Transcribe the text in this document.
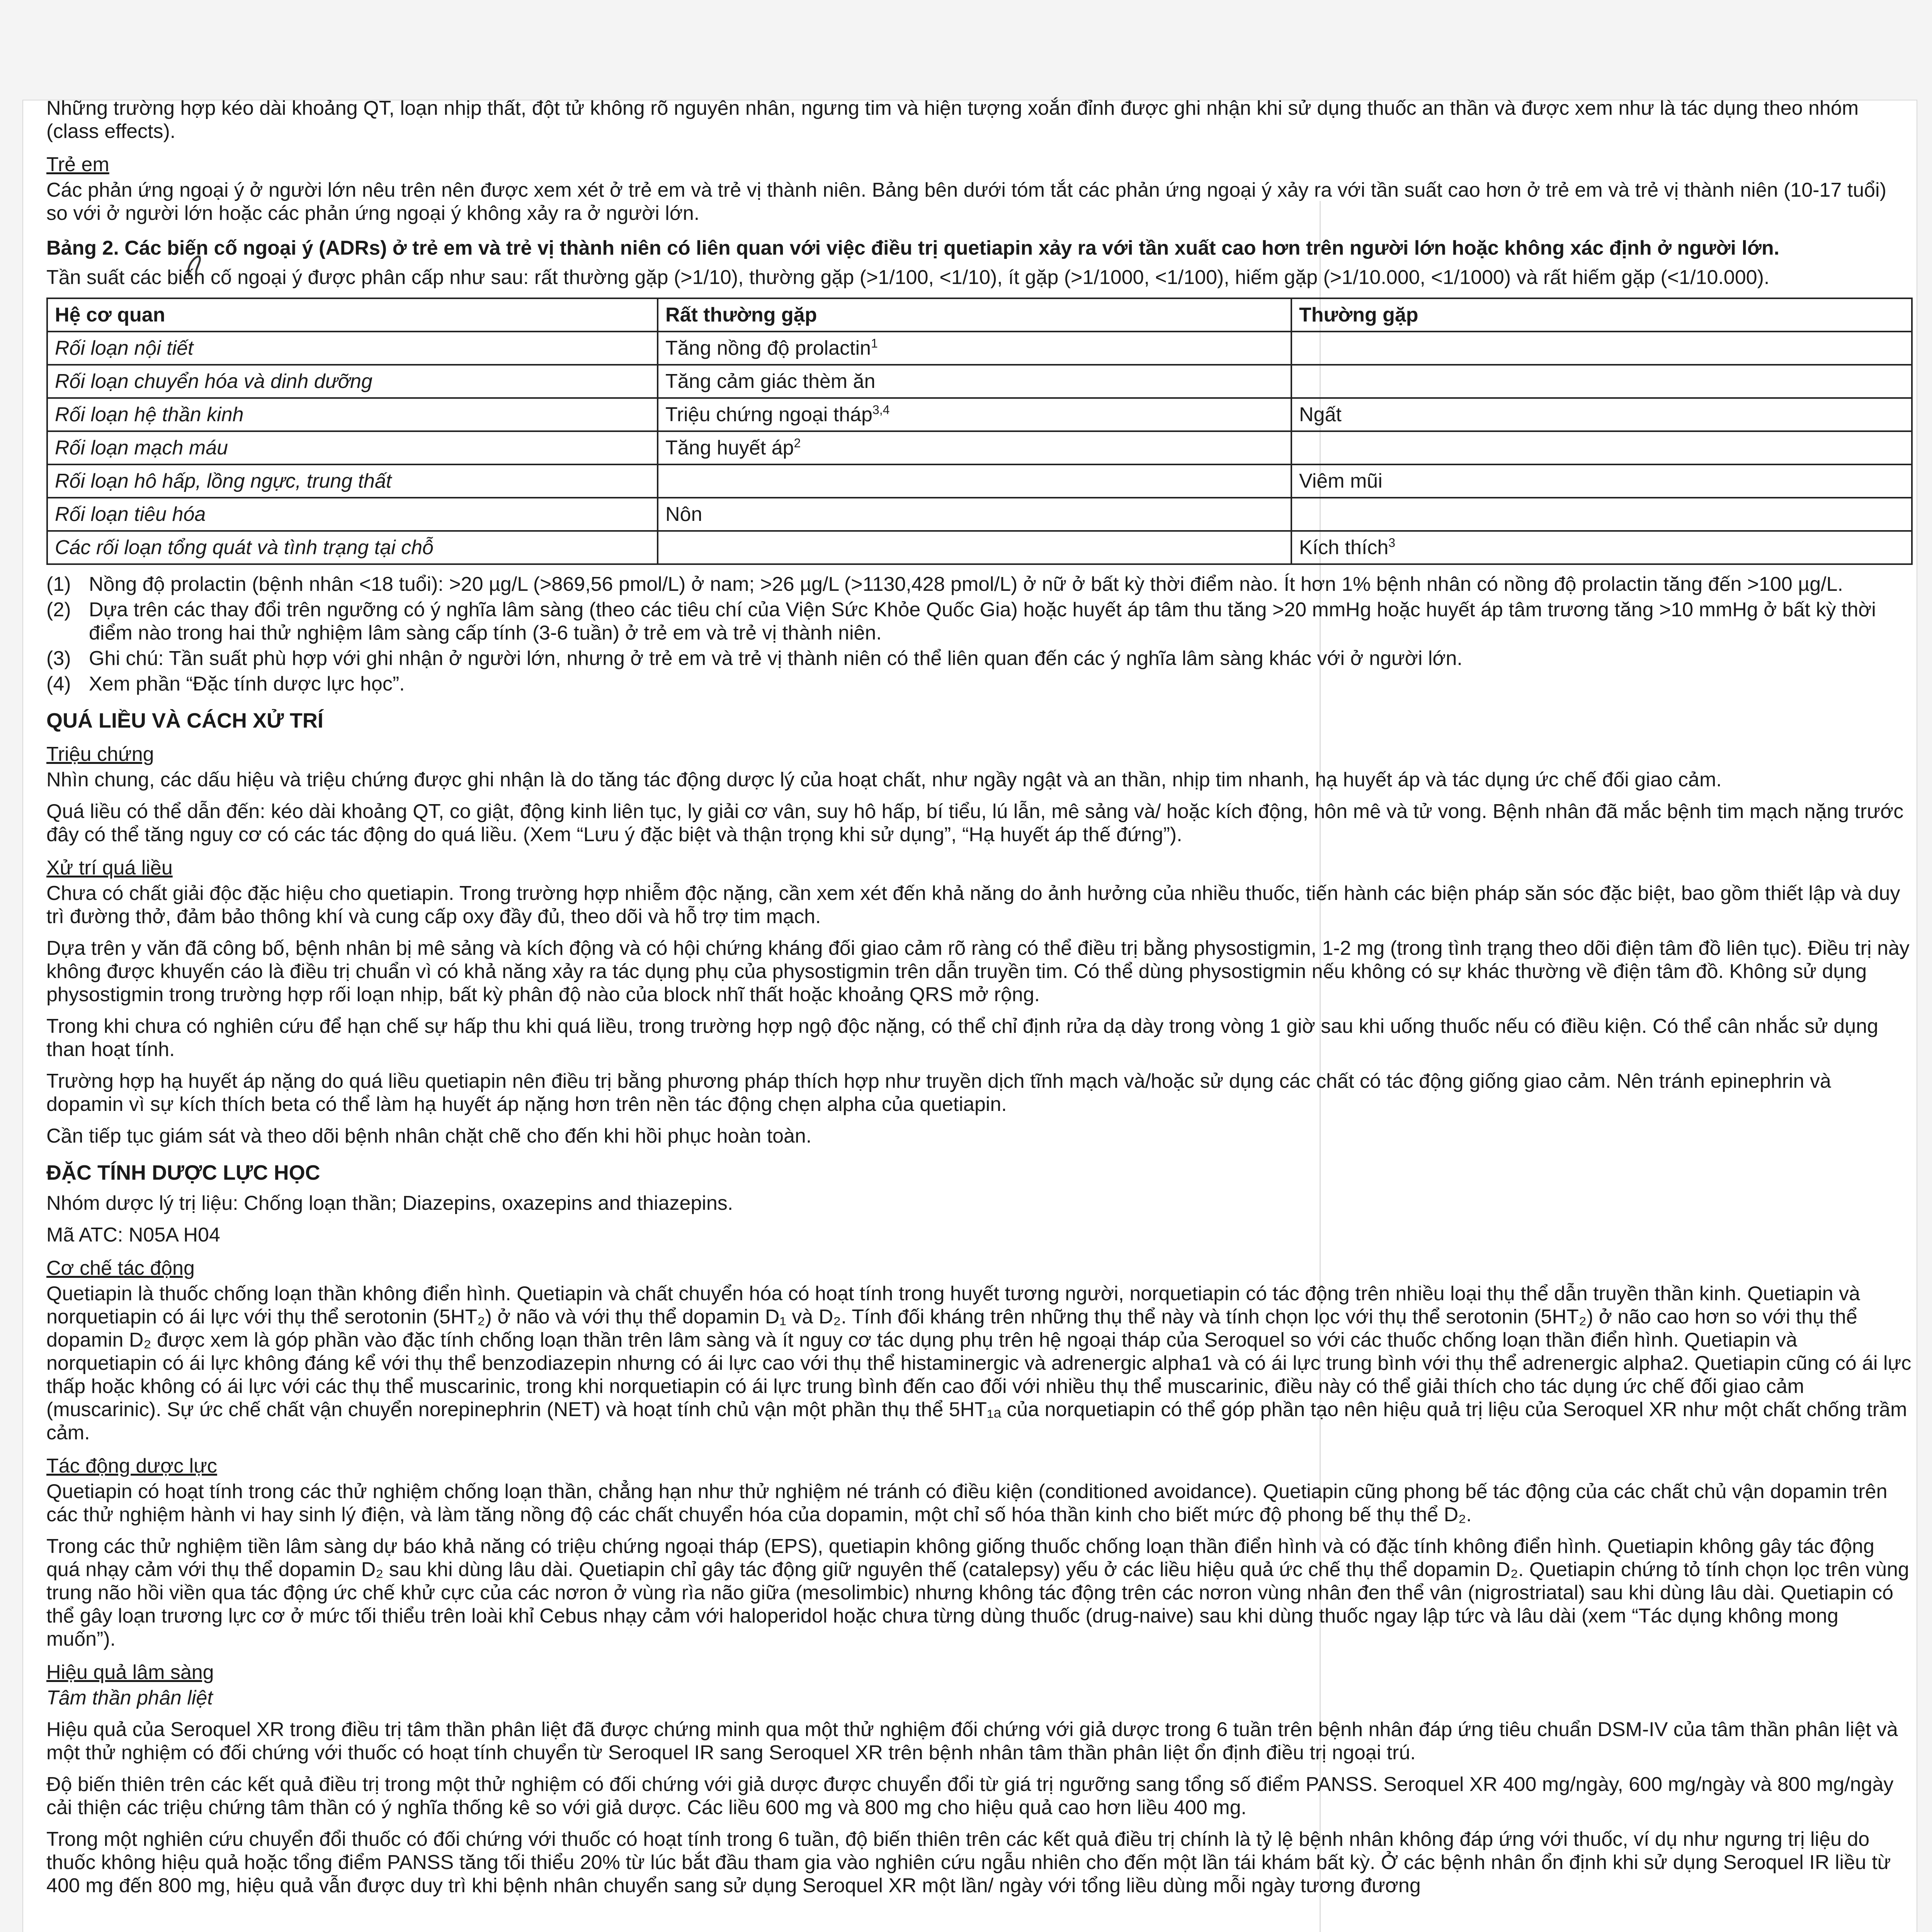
Những trường hợp kéo dài khoảng QT, loạn nhịp thất, đột tử không rõ nguyên nhân, ngưng tim và hiện tượng xoắn đỉnh được ghi nhận khi sử dụng thuốc an thần và được xem như là tác dụng theo nhóm (class effects).

Trẻ em

Các phản ứng ngoại ý ở người lớn nêu trên nên được xem xét ở trẻ em và trẻ vị thành niên. Bảng bên dưới tóm tắt các phản ứng ngoại ý xảy ra với tần suất cao hơn ở trẻ em và trẻ vị thành niên (10-17 tuổi) so với ở người lớn hoặc các phản ứng ngoại ý không xảy ra ở người lớn.

Bảng 2. Các biến cố ngoại ý (ADRs) ở trẻ em và trẻ vị thành niên có liên quan với việc điều trị quetiapin xảy ra với tần xuất cao hơn trên người lớn hoặc không xác định ở người lớn.

Tần suất các biến cố ngoại ý được phân cấp như sau: rất thường gặp (>1/10), thường gặp (>1/100, <1/10), ít gặp (>1/1000, <1/100), hiếm gặp (>1/10.000, <1/1000) và rất hiếm gặp (<1/10.000).

Hệ cơ quan	Rất thường gặp	Thường gặp
Rối loạn nội tiết	Tăng nồng độ prolactin$^1$	
Rối loạn chuyển hóa và dinh dưỡng	Tăng cảm giác thèm ăn	
Rối loạn hệ thần kinh	Triệu chứng ngoại tháp$^{3,4}$	Ngất
Rối loạn mạch máu	Tăng huyết $áp^2$	
Rối loạn hô hấp, lồng ngực, trung thất		Viêm mũi
Rối loạn tiêu hóa	Nôn	
Các rối loạn tổng quát và tình trạng tại chỗ		Kích thích$^3$
(1) Nồng độ prolactin (bệnh nhân <18 tuổi): >20 µg/L (>869,56 pmol/L) ở nam; >26 µg/L (>1130,428 pmol/L) ở nữ ở bất kỳ thời điểm nào. Ít hơn 1% bệnh nhân có nồng độ prolactin tăng đến >100 µg/L.
(2) Dựa trên các thay đổi trên ngưỡng có ý nghĩa lâm sàng (theo các tiêu chí của Viện Sức Khỏe Quốc Gia) hoặc huyết áp tâm thu tăng >20 mmHg hoặc huyết áp tâm trương tăng >10 mmHg ở bất kỳ thời điểm nào trong hai thử nghiệm lâm sàng cấp tính (3-6 tuần) ở trẻ em và trẻ vị thành niên.
(3) Ghi chú: Tần suất phù hợp với ghi nhận ở người lớn, nhưng ở trẻ em và trẻ vị thành niên có thể liên quan đến các ý nghĩa lâm sàng khác với ở người lớn.
(4) Xem phần “Đặc tính dược lực học”.
QUÁ LIỀU VÀ CÁCH XỬ TRÍ

Triệu chứng

Nhìn chung, các dấu hiệu và triệu chứng được ghi nhận là do tăng tác động dược lý của hoạt chất, như ngầy ngật và an thần, nhịp tim nhanh, hạ huyết áp và tác dụng ức chế đối giao cảm.

Quá liều có thể dẫn đến: kéo dài khoảng QT, co giật, động kinh liên tục, ly giải cơ vân, suy hô hấp, bí tiểu, lú lẫn, mê sảng và/ hoặc kích động, hôn mê và tử vong. Bệnh nhân đã mắc bệnh tim mạch nặng trước đây có thể tăng nguy cơ có các tác động do quá liều. (Xem “Lưu ý đặc biệt và thận trọng khi sử dụng”, “Hạ huyết áp thế đứng”).

Xử trí quá liều

Chưa có chất giải độc đặc hiệu cho quetiapin. Trong trường hợp nhiễm độc nặng, cần xem xét đến khả năng do ảnh hưởng của nhiều thuốc, tiến hành các biện pháp săn sóc đặc biệt, bao gồm thiết lập và duy trì đường thở, đảm bảo thông khí và cung cấp oxy đầy đủ, theo dõi và hỗ trợ tim mạch.

Dựa trên y văn đã công bố, bệnh nhân bị mê sảng và kích động và có hội chứng kháng đối giao cảm rõ ràng có thể điều trị bằng physostigmin, 1-2 mg (trong tình trạng theo dõi điện tâm đồ liên tục). Điều trị này không được khuyến cáo là điều trị chuẩn vì có khả năng xảy ra tác dụng phụ của physostigmin trên dẫn truyền tim. Có thể dùng physostigmin nếu không có sự khác thường về điện tâm đồ. Không sử dụng physostigmin trong trường hợp rối loạn nhịp, bất kỳ phân độ nào của block nhĩ thất hoặc khoảng QRS mở rộng.

Trong khi chưa có nghiên cứu để hạn chế sự hấp thu khi quá liều, trong trường hợp ngộ độc nặng, có thể chỉ định rửa dạ dày trong vòng 1 giờ sau khi uống thuốc nếu có điều kiện. Có thể cân nhắc sử dụng than hoạt tính.

Trường hợp hạ huyết áp nặng do quá liều quetiapin nên điều trị bằng phương pháp thích hợp như truyền dịch tĩnh mạch và/hoặc sử dụng các chất có tác động giống giao cảm. Nên tránh epinephrin và dopamin vì sự kích thích beta có thể làm hạ huyết áp nặng hơn trên nền tác động chẹn alpha của quetiapin.

Cần tiếp tục giám sát và theo dõi bệnh nhân chặt chẽ cho đến khi hồi phục hoàn toàn.

ĐẶC TÍNH DƯỢC LỰC HỌC

Nhóm dược lý trị liệu: Chống loạn thần; Diazepins, oxazepins and thiazepins.

Mã ATC: N05A H04

Cơ chế tác động

Quetiapin là thuốc chống loạn thần không điển hình. Quetiapin và chất chuyển hóa có hoạt tính trong huyết tương người, norquetiapin có tác động trên nhiều loại thụ thể dẫn truyền thần kinh. Quetiapin và norquetiapin có ái lực với thụ thể serotonin (5HT₂) ở não và với thụ thể dopamin D₁ và D₂. Tính đối kháng trên những thụ thể này và tính chọn lọc với thụ thể serotonin (5HT₂) ở não cao hơn so với thụ thể dopamin D₂ được xem là góp phần vào đặc tính chống loạn thần trên lâm sàng và ít nguy cơ tác dụng phụ trên hệ ngoại tháp của Seroquel so với các thuốc chống loạn thần điển hình. Quetiapin và norquetiapin có ái lực không đáng kể với thụ thể benzodiazepin nhưng có ái lực cao với thụ thể histaminergic và adrenergic alpha1 và có ái lực trung bình với thụ thể adrenergic alpha2. Quetiapin cũng có ái lực thấp hoặc không có ái lực với các thụ thể muscarinic, trong khi norquetiapin có ái lực trung bình đến cao đối với nhiều thụ thể muscarinic, điều này có thể giải thích cho tác dụng ức chế đối giao cảm (muscarinic). Sự ức chế chất vận chuyển norepinephrin (NET) và hoạt tính chủ vận một phần thụ thể 5HT₁ₐ của norquetiapin có thể góp phần tạo nên hiệu quả trị liệu của Seroquel XR như một chất chống trầm cảm.

Tác động dược lực

Quetiapin có hoạt tính trong các thử nghiệm chống loạn thần, chẳng hạn như thử nghiệm né tránh có điều kiện (conditioned avoidance). Quetiapin cũng phong bế tác động của các chất chủ vận dopamin trên các thử nghiệm hành vi hay sinh lý điện, và làm tăng nồng độ các chất chuyển hóa của dopamin, một chỉ số hóa thần kinh cho biết mức độ phong bế thụ thể D₂.

Trong các thử nghiệm tiền lâm sàng dự báo khả năng có triệu chứng ngoại tháp (EPS), quetiapin không giống thuốc chống loạn thần điển hình và có đặc tính không điển hình. Quetiapin không gây tác động quá nhạy cảm với thụ thể dopamin D₂ sau khi dùng lâu dài. Quetiapin chỉ gây tác động giữ nguyên thế (catalepsy) yếu ở các liều hiệu quả ức chế thụ thể dopamin D₂. Quetiapin chứng tỏ tính chọn lọc trên vùng trung não hồi viền qua tác động ức chế khử cực của các nơron ở vùng rìa não giữa (mesolimbic) nhưng không tác động trên các nơron vùng nhân đen thể vân (nigrostriatal) sau khi dùng lâu dài. Quetiapin có thể gây loạn trương lực cơ ở mức tối thiểu trên loài khỉ Cebus nhạy cảm với haloperidol hoặc chưa từng dùng thuốc (drug-naive) sau khi dùng thuốc ngay lập tức và lâu dài (xem “Tác dụng không mong muốn”).

Hiệu quả lâm sàng

Tâm thần phân liệt

Hiệu quả của Seroquel XR trong điều trị tâm thần phân liệt đã được chứng minh qua một thử nghiệm đối chứng với giả dược trong 6 tuần trên bệnh nhân đáp ứng tiêu chuẩn DSM-IV của tâm thần phân liệt và một thử nghiệm có đối chứng với thuốc có hoạt tính chuyển từ Seroquel IR sang Seroquel XR trên bệnh nhân tâm thần phân liệt ổn định điều trị ngoại trú.

Độ biến thiên trên các kết quả điều trị trong một thử nghiệm có đối chứng với giả dược được chuyển đổi từ giá trị ngưỡng sang tổng số điểm PANSS. Seroquel XR 400 mg/ngày, 600 mg/ngày và 800 mg/ngày cải thiện các triệu chứng tâm thần có ý nghĩa thống kê so với giả dược. Các liều 600 mg và 800 mg cho hiệu quả cao hơn liều 400 mg.

Trong một nghiên cứu chuyển đổi thuốc có đối chứng với thuốc có hoạt tính trong 6 tuần, độ biến thiên trên các kết quả điều trị chính là tỷ lệ bệnh nhân không đáp ứng với thuốc, ví dụ như ngưng trị liệu do thuốc không hiệu quả hoặc tổng điểm PANSS tăng tối thiểu 20% từ lúc bắt đầu tham gia vào nghiên cứu ngẫu nhiên cho đến một lần tái khám bất kỳ. Ở các bệnh nhân ổn định khi sử dụng Seroquel IR liều từ 400 mg đến 800 mg, hiệu quả vẫn được duy trì khi bệnh nhân chuyển sang sử dụng Seroquel XR một lần/ ngày với tổng liều dùng mỗi ngày tương đương
